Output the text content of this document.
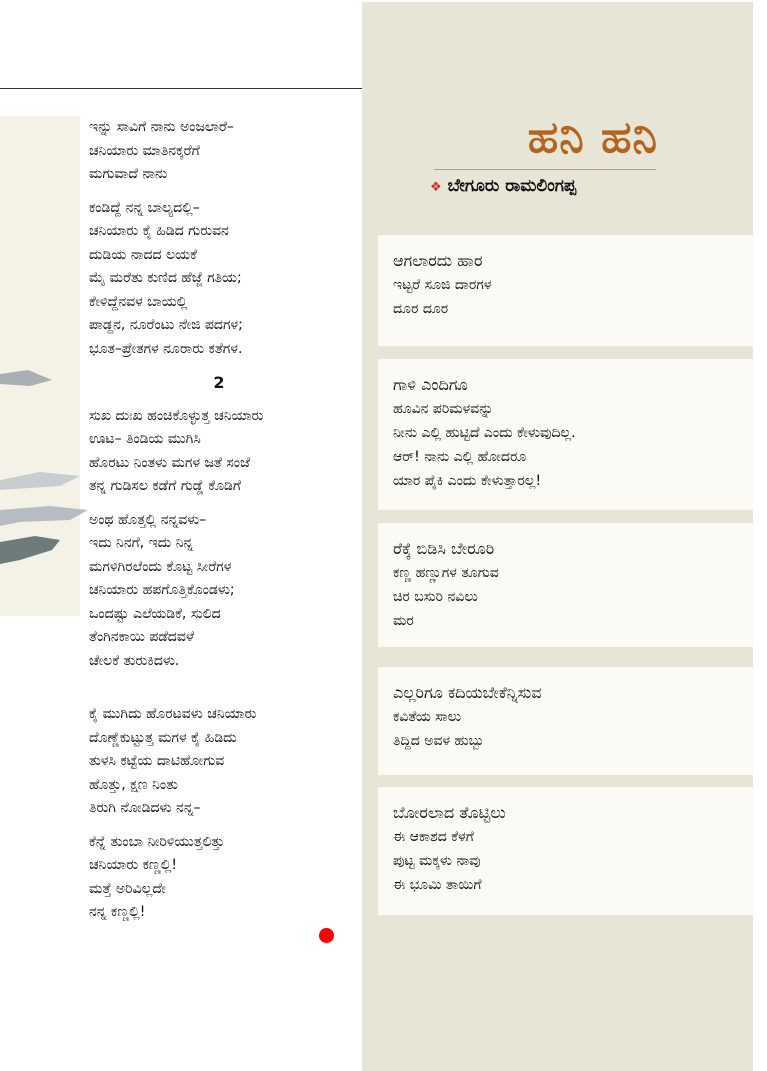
ಇನ್ನು ಸಾವಿಗೆ ನಾನು ಅಂಜಲಾರೆ–
ಚನಿಯಾರು ಮಾತಿನಕ್ಕರೆಗೆ
ಮಗುವಾದೆ ನಾನು
ಕಂಡಿದ್ದೆ ನನ್ನ ಬಾಲ್ಯದಲ್ಲಿ–
ಚನಿಯಾರು ಕೈ ಹಿಡಿದ ಗುರುವನ
ದುಡಿಯ ನಾದದ ಲಯಕೆ
ಮೈ ಮರೆತು ಕುಣಿದ ಹೆಜ್ಜೆ ಗತಿಯ;
ಕೇಳಿದ್ದೆನವಳ ಬಾಯಲ್ಲಿ
ಪಾಡ್ದನ, ನೂರೆಂಟು ನೇಜಿ ಪದಗಳ;
ಭೂತ–ಪ್ರೇತಗಳ ನೂರಾರು ಕತೆಗಳ.
2
ಸುಖ ದುಃಖ ಹಂಚಿಕೊಳ್ಳುತ್ತ ಚನಿಯಾರು
ಊಟ– ತಿಂಡಿಯ ಮುಗಿಸಿ
ಹೊರಟು ನಿಂತಳು ಮಗಳ ಜತೆ ಸಂಜೆ
ತನ್ನ ಗುಡಿಸಲ ಕಡೆಗೆ ಗುಡ್ಡೆ ಕೊಡಿಗೆ
ಅಂಥ ಹೊತ್ತಲ್ಲಿ ನನ್ನವಳು–
ಇದು ನಿನಗೆ, ಇದು ನಿನ್ನ
ಮಗಳಿಗಿರಲೆಂದು ಕೊಟ್ಟ ಸೀರೆಗಳ
ಚನಿಯಾರು ಹಪಗೊತ್ತಿಕೊಂಡಳು;
ಒಂದಷ್ಟು ಎಲೆಯಡಿಕೆ, ಸುಲಿದ
ತೆಂಗಿನಕಾಯಿ ಪಡೆದವಳೆ
ಚೇಲಕೆ ತುರುಕಿದಳು.
ಕೈ ಮುಗಿದು ಹೊರಟವಳು ಚನಿಯಾರು
ದೊಣ್ಣೆಕುಟ್ಟುತ್ತ ಮಗಳ ಕೈ ಹಿಡಿದು
ತುಳಸಿ ಕಟ್ಟೆಯ ದಾಟಿಹೋಗುವ
ಹೊತ್ತು, ಕ್ಷಣ ನಿಂತು
ತಿರುಗಿ ನೋಡಿದಳು ನನ್ನ–
ಕೆನ್ನೆ ತುಂಬಾ ನೀರಿಳಿಯುತ್ತಲಿತ್ತು
ಚನಿಯಾರು ಕಣ್ಣಲ್ಲಿ!
ಮತ್ತೆ ಅರಿವಿಲ್ಲದೇ
ನನ್ನ ಕಣ್ಣಲ್ಲಿ!
ಹನಿ ಹನಿ
❖ ಬೇಗೂರು ರಾಮಲಿಂಗಪ್ಪ
ಆಗಲಾರದು ಹಾರ
ಇಟ್ಟರೆ ಸೂಜಿ ದಾರಗಳ
ದೂರ ದೂರ
ಗಾಳಿ ಎಂದಿಗೂ
ಹೂವಿನ ಪರಿಮಳವನ್ನು
ನೀನು ಎಲ್ಲಿ ಹುಟ್ಟಿದೆ ಎಂದು ಕೇಳುವುದಿಲ್ಲ.
ಆರ್! ನಾನು ಎಲ್ಲಿ ಹೋದರೂ
ಯಾರ ಪೈಕಿ ಎಂದು ಕೇಳುತ್ತಾರಲ್ಲ!
ರೆಕ್ಕೆ ಬಿಡಿಸಿ ಬೇರೂರಿ
ಕಣ್ಣ ಹಣ್ಣುಗಳ ತೂಗುವ
ಚಿರ ಬಸುರಿ ನವಿಲು
ಮರ
ಎಲ್ಲರಿಗೂ ಕದಿಯಬೇಕೆನ್ನಿಸುವ
ಕವಿತೆಯ ಸಾಲು
ತಿದ್ದಿದ ಅವಳ ಹುಬ್ಬು
ಬೋರಲಾದ ತೊಟ್ಟಿಲು
ಈ ಆಕಾಶದ ಕೆಳಗೆ
ಪುಟ್ಟ ಮಕ್ಕಳು ನಾವು
ಈ ಭೂಮಿ ತಾಯಿಗೆ
